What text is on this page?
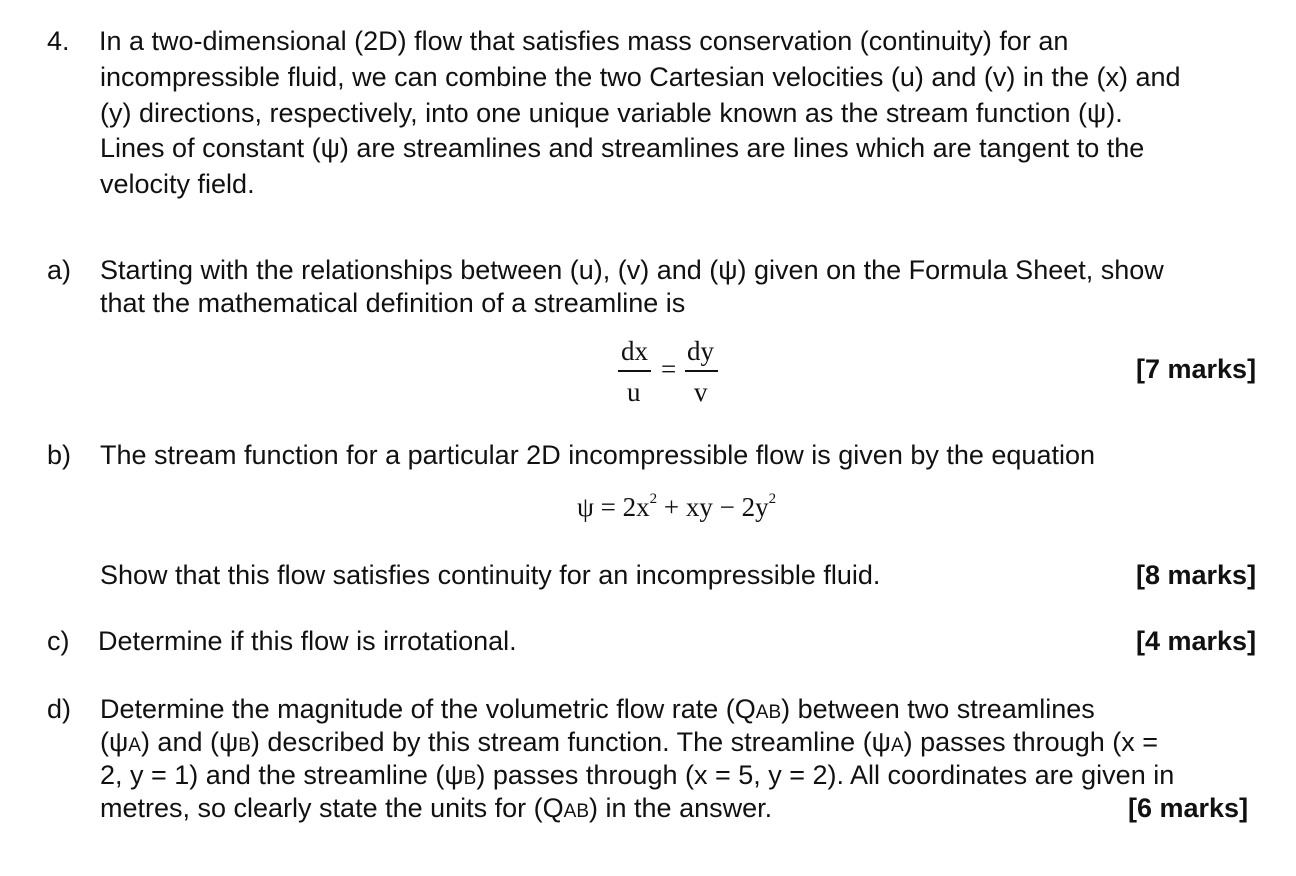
4. In a two-dimensional (2D) flow that satisfies mass conservation (continuity) for an
incompressible fluid, we can combine the two Cartesian velocities (u) and (v) in the (x) and
(y) directions, respectively, into one unique variable known as the stream function (ψ).
Lines of constant (ψ) are streamlines and streamlines are lines which are tangent to the
velocity field.
a) Starting with the relationships between (u), (v) and (ψ) given on the Formula Sheet, show
that the mathematical definition of a streamline is
dx
u
=
dy
v
[7 marks]
b) The stream function for a particular 2D incompressible flow is given by the equation
$\psi = 2x^2$ + xy − $2y^2$
Show that this flow satisfies continuity for an incompressible fluid.	[8 marks]
c) Determine if this flow is irrotational.	[4 marks]
d) Determine the magnitude of the volumetric flow rate (QAB) between two streamlines
(ψA) and (ψB) described by this stream function. The streamline (ψA) passes through (x =
2, y = 1) and the streamline (ψB) passes through (x = 5, y = 2). All coordinates are given in
metres, so clearly state the units for (QAB) in the answer.	[6 marks]
